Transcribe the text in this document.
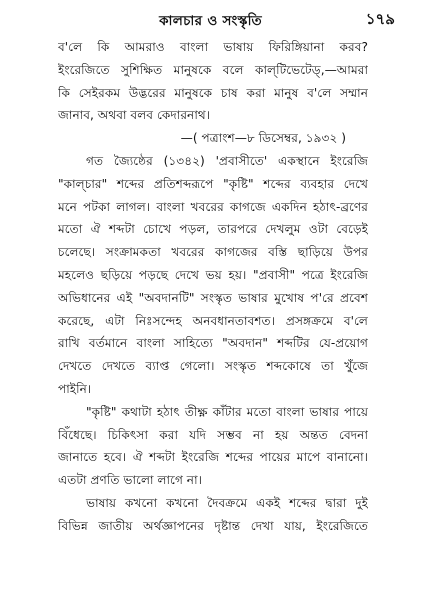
কালচার ও সংস্কৃতি	১৭৯
ব'লে কি আমরাও বাংলা ভাষায় ফিরিঙ্গিয়ানা করব?
ইংরেজিতে সুশিক্ষিত মানুষকে বলে কাল্‌টিভেটেড্‌,—আমরা
কি সেইরকম উদ্ভরের মানুষকে চাষ করা মানুষ ব'লে সম্মান
জানাব, অথবা বলব কেদারনাথ।
—( পত্রাংশ—৮ ডিসেম্বর, ১৯৩২ )
গত জ্যৈষ্ঠের (১৩৪২) 'প্রবাসীতে' একস্থানে ইংরেজি
"কাল্‌চার" শব্দের প্রতিশব্দরূপে "কৃষ্টি" শব্দের ব্যবহার দেখে
মনে পটকা লাগল। বাংলা খবরের কাগজে একদিন হঠাৎ-ব্রণের
মতো ঐ শব্দটা চোখে পড়ল, তারপরে দেখলুম ওটা বেড়েই
চলেছে। সংক্রামকতা খবরের কাগজের বস্তি ছাড়িয়ে উপর
মহলেও ছড়িয়ে পড়ছে দেখে ভয় হয়। "প্রবাসী" পত্রে ইংরেজি
অভিধানের এই "অবদানটি" সংস্কৃত ভাষার মুখোষ প'রে প্রবেশ
করেছে, এটা নিঃসন্দেহ অনবধানতাবশত। প্রসঙ্গক্রমে ব'লে
রাখি বর্তমানে বাংলা সাহিত্যে "অবদান" শব্দটির যে-প্রয়োগ
দেখতে দেখতে ব্যাপ্ত গেলো। সংস্কৃত শব্দকোষে তা খুঁজে
পাইনি।
"কৃষ্টি" কথাটা হঠাৎ তীক্ষ্ণ কাঁটার মতো বাংলা ভাষার পায়ে
বিঁধেছে। চিকিৎসা করা যদি সম্ভব না হয় অন্তত বেদনা
জানাতে হবে। ঐ শব্দটা ইংরেজি শব্দের পায়ের মাপে বানানো।
এতটা প্রণতি ভালো লাগে না।
ভাষায় কখনো কখনো দৈবক্রমে একই শব্দের দ্বারা দুই
বিভিন্ন জাতীয় অর্থজ্ঞাপনের দৃষ্টান্ত দেখা যায়, ইংরেজিতে
